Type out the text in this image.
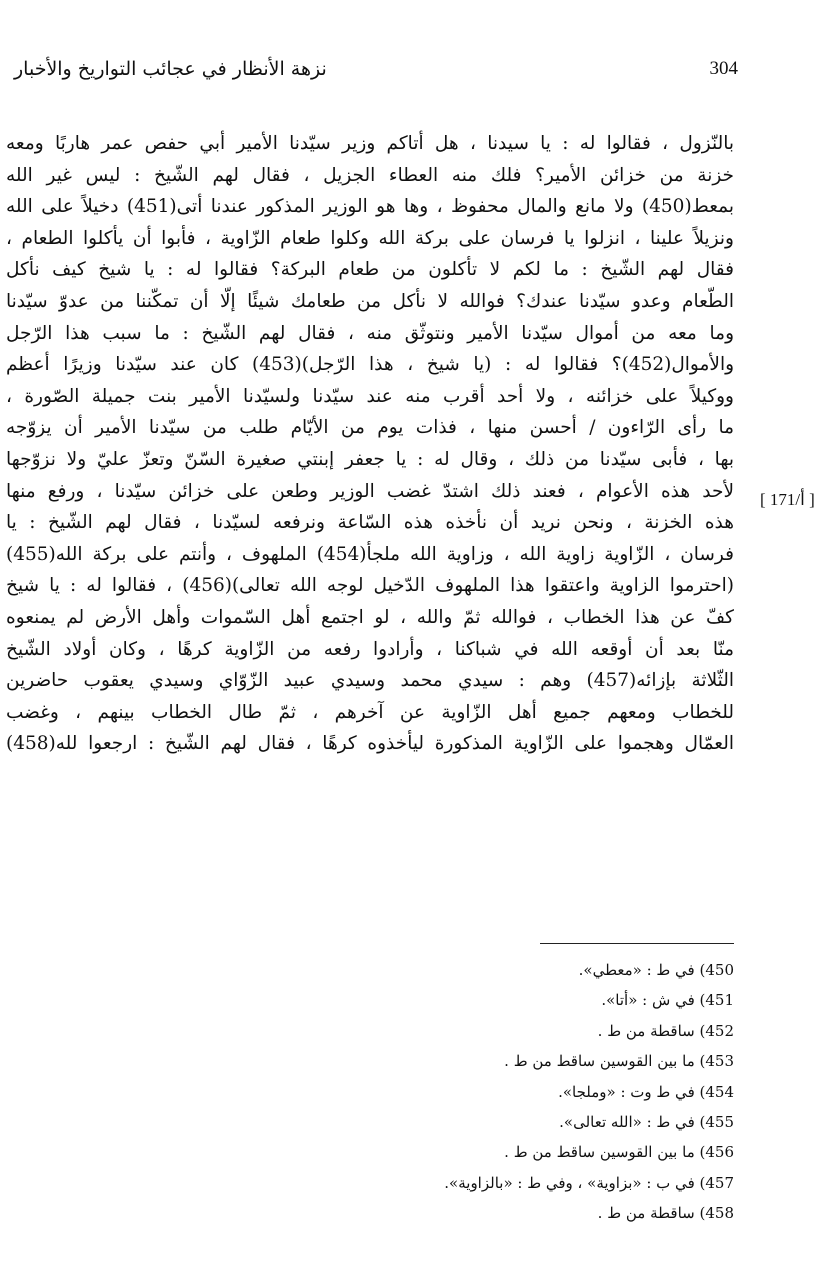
304
نزهة الأنظار في عجائب التواريخ والأخبار
بالنّزول ، فقالوا له : يا سيدنا ، هل أتاكم وزير سيّدنا الأمير أبي حفص عمر هاربًا ومعه
خزنة من خزائن الأمير؟ فلك منه العطاء الجزيل ، فقال لهم الشّيخ : ليس غير الله
بمعط(450) ولا مانع والمال محفوظ ، وها هو الوزير المذكور عندنا أتى(451) دخيلاً على الله
ونزيلاً علينا ، انزلوا يا فرسان على بركة الله وكلوا طعام الزّاوية ، فأبوا أن يأكلوا الطعام ،
فقال لهم الشّيخ : ما لكم لا تأكلون من طعام البركة؟ فقالوا له : يا شيخ كيف نأكل
الطّعام وعدو سيّدنا عندك؟ فوالله لا نأكل من طعامك شيئًا إلّا أن تمكّننا من عدوّ سيّدنا
وما معه من أموال سيّدنا الأمير ونتوثّق منه ، فقال لهم الشّيخ : ما سبب هذا الرّجل
والأموال(452)؟ فقالوا له : (يا شيخ ، هذا الرّجل)(453) كان عند سيّدنا وزيرًا أعظم
ووكيلاً على خزائنه ، ولا أحد أقرب منه عند سيّدنا ولسيّدنا الأمير بنت جميلة الصّورة ،
ما رأى الرّاءون / أحسن منها ، فذات يوم من الأيّام طلب من سيّدنا الأمير أن يزوّجه
بها ، فأبى سيّدنا من ذلك ، وقال له : يا جعفر إبنتي صغيرة السّنّ وتعزّ عليّ ولا نزوّجها
لأحد هذه الأعوام ، فعند ذلك اشتدّ غضب الوزير وطعن على خزائن سيّدنا ، ورفع منها
هذه الخزنة ، ونحن نريد أن نأخذه هذه السّاعة ونرفعه لسيّدنا ، فقال لهم الشّيخ : يا
فرسان ، الزّاوية زاوية الله ، وزاوية الله ملجأ(454) الملهوف ، وأنتم على بركة الله(455)
(احترموا الزاوية واعتقوا هذا الملهوف الدّخيل لوجه الله تعالى)(456) ، فقالوا له : يا شيخ
كفّ عن هذا الخطاب ، فوالله ثمّ والله ، لو اجتمع أهل السّموات وأهل الأرض لم يمنعوه
منّا بعد أن أوقعه الله في شباكنا ، وأرادوا رفعه من الزّاوية كرهًا ، وكان أولاد الشّيخ
الثّلاثة بإزائه(457) وهم : سيدي محمد وسيدي عبيد الزّوّاي وسيدي يعقوب حاضرين
للخطاب ومعهم جميع أهل الزّاوية عن آخرهم ، ثمّ طال الخطاب بينهم ، وغضب
العمّال وهجموا على الزّاوية المذكورة ليأخذوه كرهًا ، فقال لهم الشّيخ : ارجعوا لله(458)
[ 171/أ ]
450) في ط : «معطي».
451) في ش : «أتا».
452) ساقطة من ط .
453) ما بين القوسين ساقط من ط .
454) في ط وت : «وملجا».
455) في ط : «الله تعالى».
456) ما بين القوسين ساقط من ط .
457) في ب : «بزاوية» ، وفي ط : «بالزاوية».
458) ساقطة من ط .
